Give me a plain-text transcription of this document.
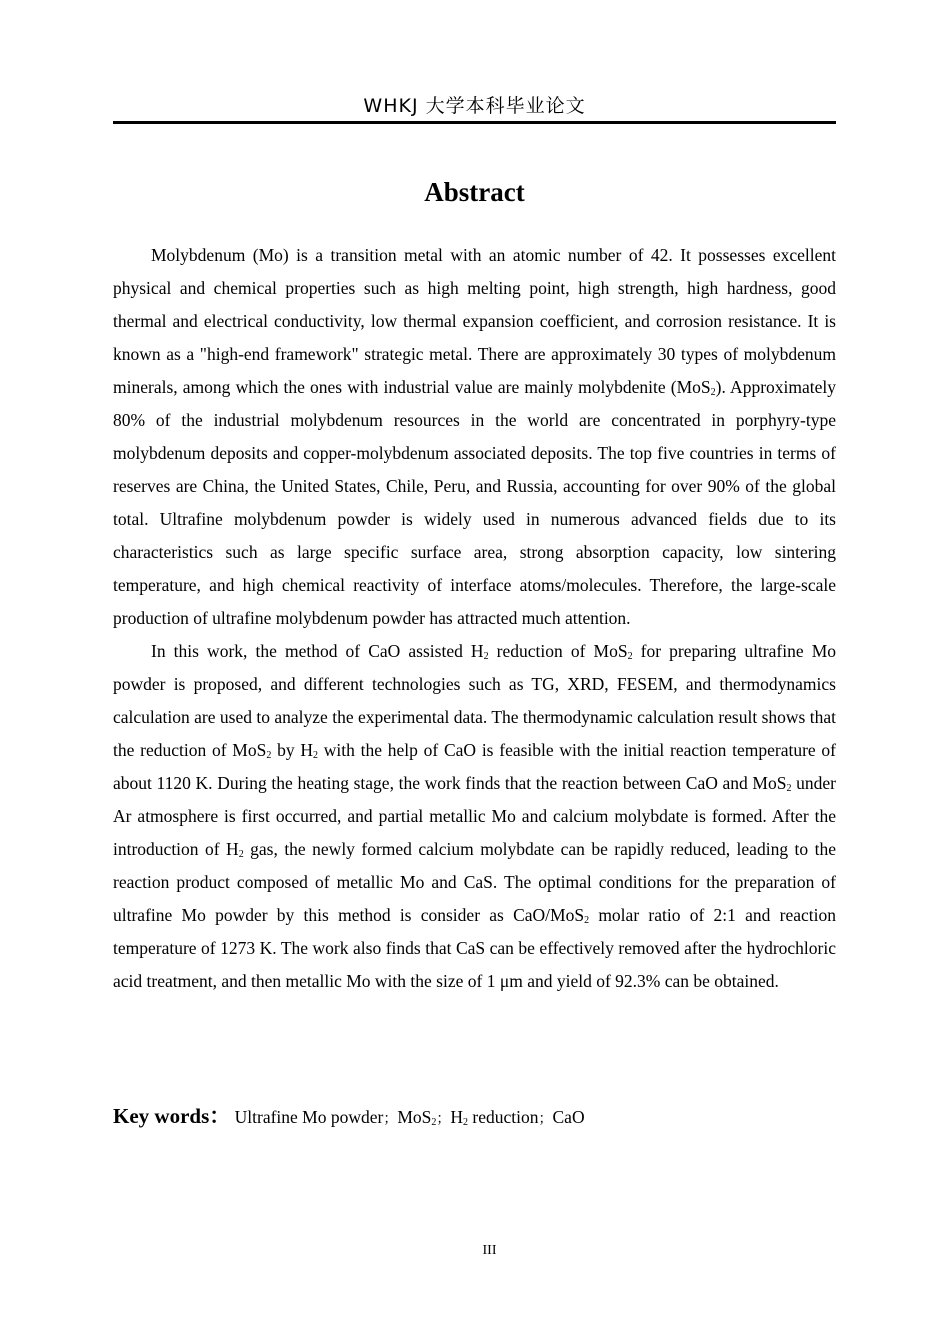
WHKJ 大学本科毕业论文
Abstract

Molybdenum (Mo) is a transition metal with an atomic number of 42. It possesses excellent physical and chemical properties such as high melting point, high strength, high hardness, good thermal and electrical conductivity, low thermal expansion coefficient, and corrosion resistance. It is known as a "high-end framework" strategic metal. There are approximately 30 types of molybdenum minerals, among which the ones with industrial value are mainly molybdenite (MoS$_2$). Approximately 80% of the industrial molybdenum resources in the world are concentrated in porphyry-type molybdenum deposits and copper-molybdenum associated deposits. The top five countries in terms of reserves are China, the United States, Chile, Peru, and Russia, accounting for over 90% of the global total. Ultrafine molybdenum powder is widely used in numerous advanced fields due to its characteristics such as large specific surface area, strong absorption capacity, low sintering temperature, and high chemical reactivity of interface atoms/molecules. Therefore, the large-scale production of ultrafine molybdenum powder has attracted much attention.

In this work, the method of CaO assisted $H_2$ reduction of MoS$_2$ for preparing ultrafine Mo powder is proposed, and different technologies such as TG, XRD, FESEM, and thermodynamics calculation are used to analyze the experimental data. The thermodynamic calculation result shows that the reduction of MoS$_2$ by $H_2$ with the help of CaO is feasible with the initial reaction temperature of about 1120 K. During the heating stage, the work finds that the reaction between CaO and MoS$_2$ under Ar atmosphere is first occurred, and partial metallic Mo and calcium molybdate is formed. After the introduction of $H_2$ gas, the newly formed calcium molybdate can be rapidly reduced, leading to the reaction product composed of metallic Mo and CaS. The optimal conditions for the preparation of ultrafine Mo powder by this method is consider as CaO/MoS$_2$ molar ratio of 2:1 and reaction temperature of 1273 K. The work also finds that CaS can be effectively removed after the hydrochloric acid treatment, and then metallic Mo with the size of 1 μm and yield of 92.3% can be obtained.

Key words： Ultrafine Mo powder；MoS$_2$；$H_2$ reduction；CaO
III
